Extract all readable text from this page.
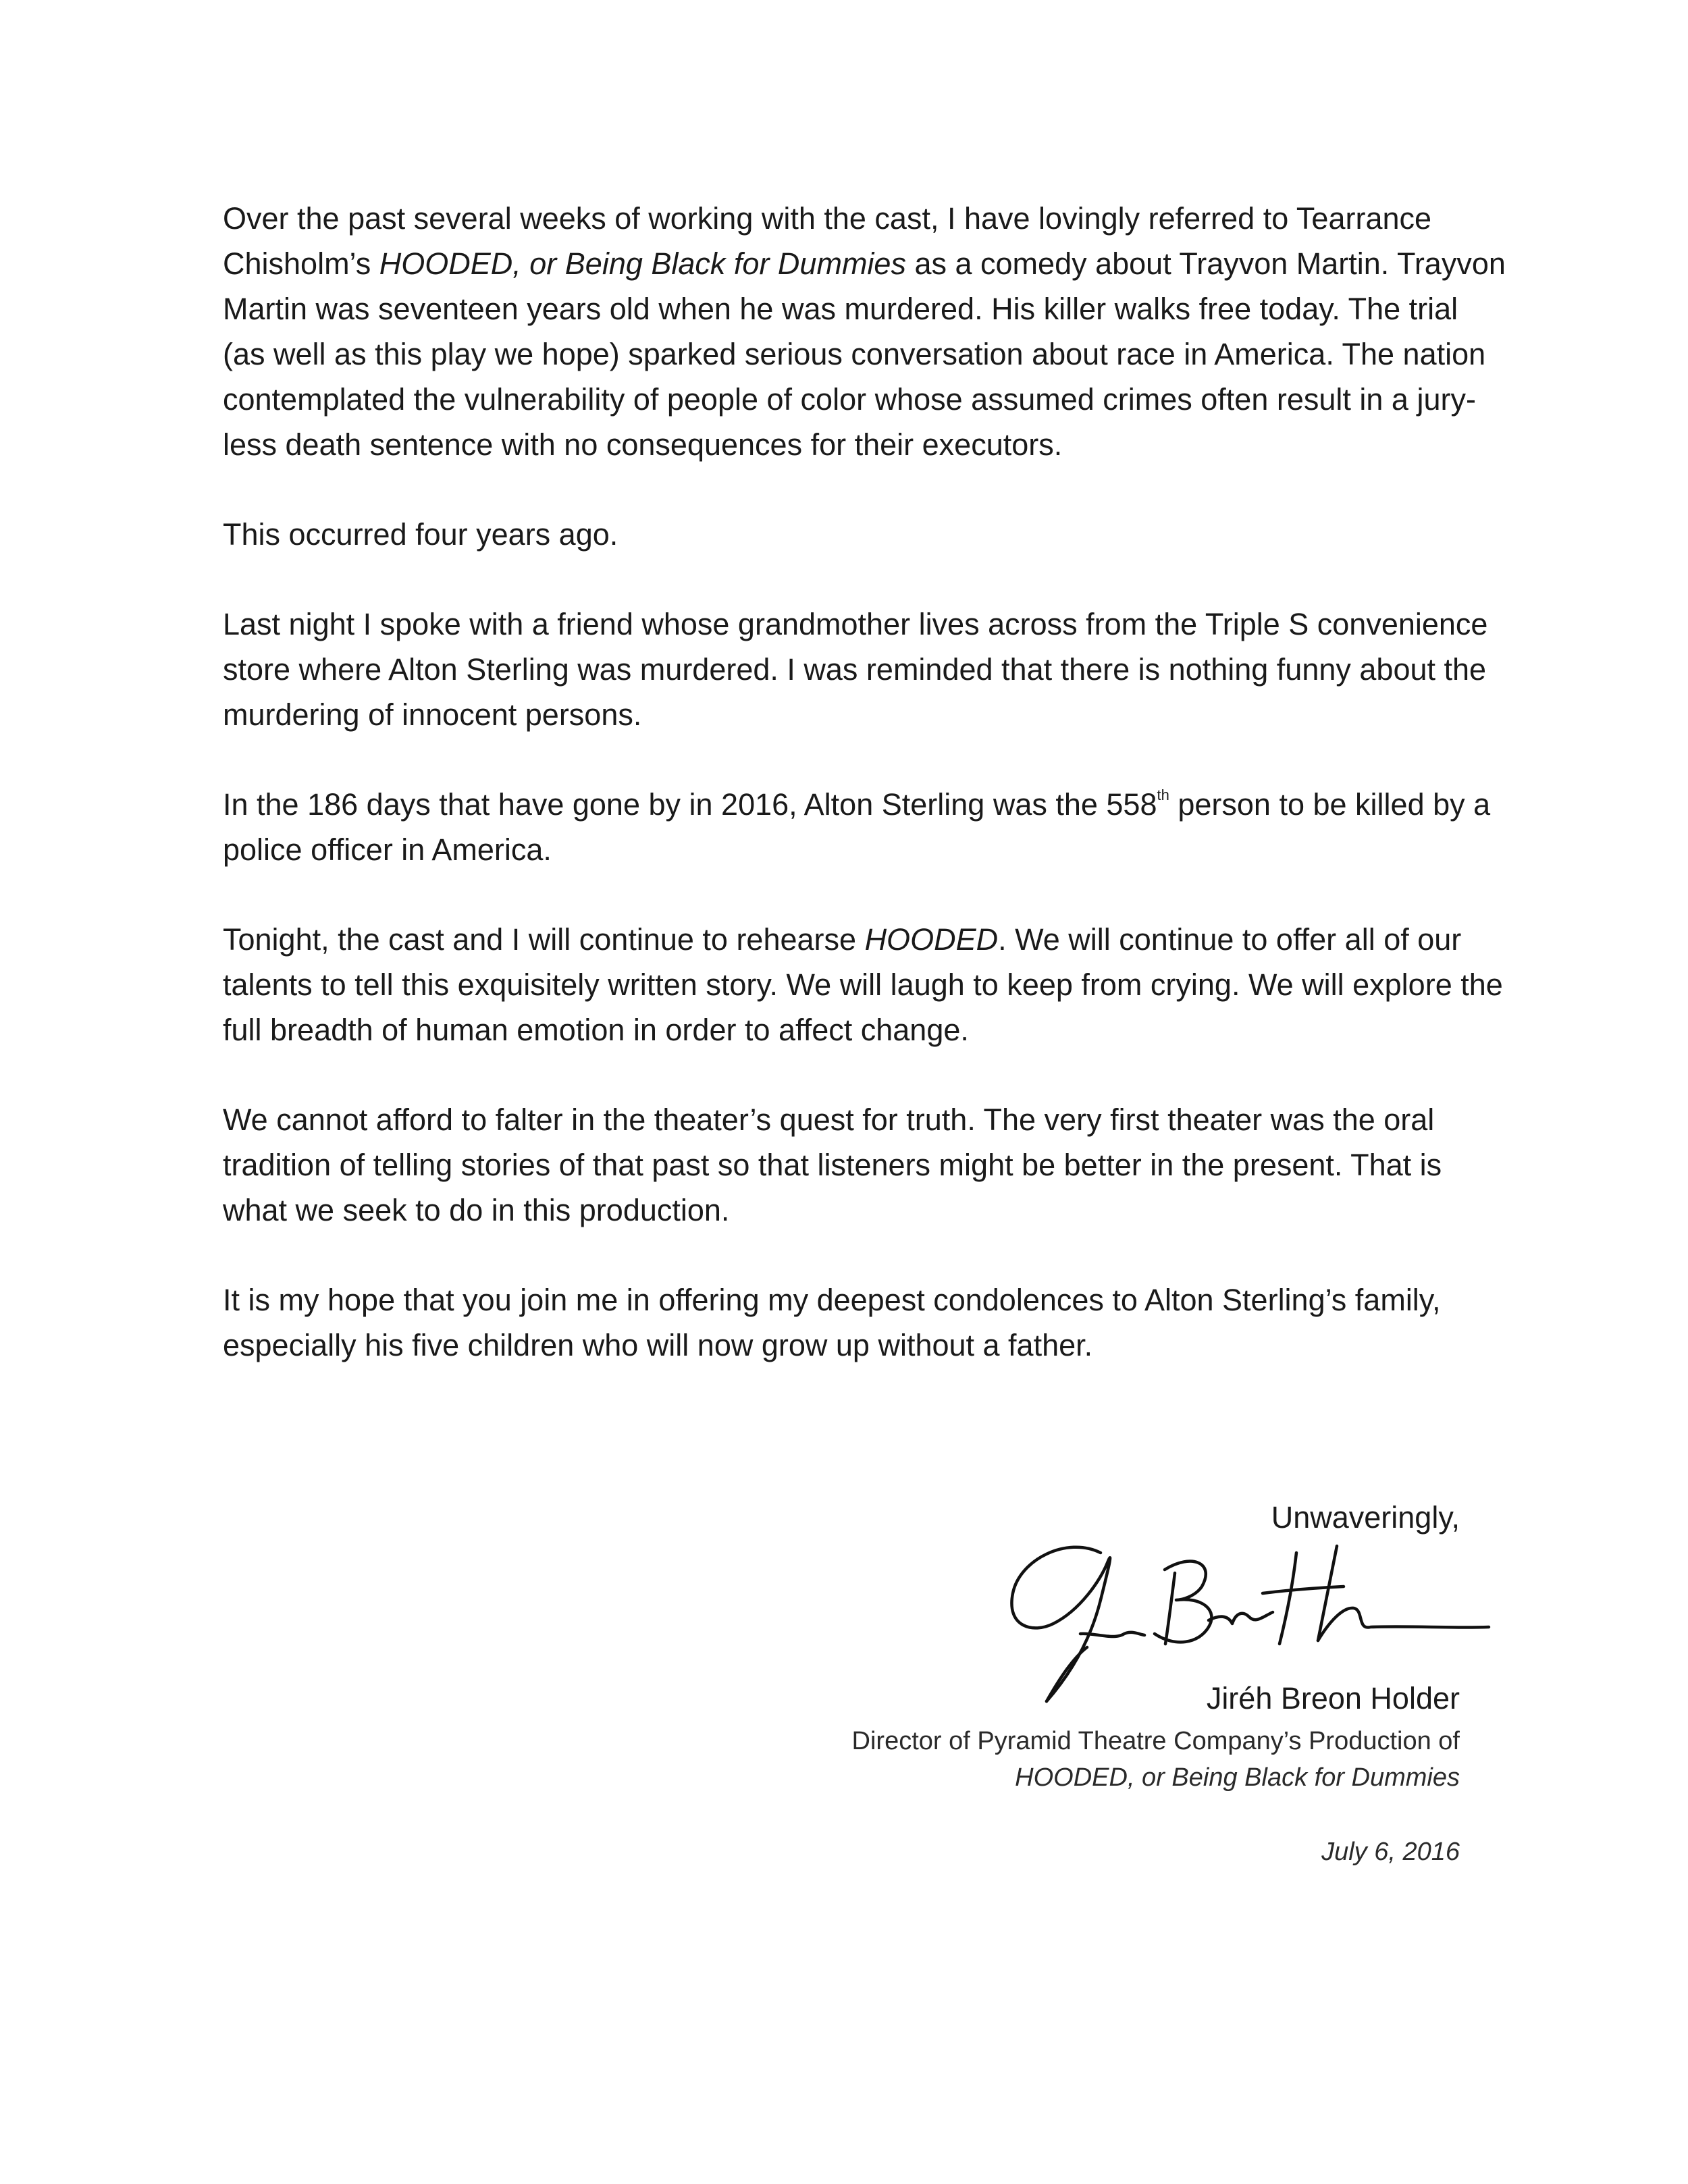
Over the past several weeks of working with the cast, I have lovingly referred to Tearrance Chisholm’s HOODED, or Being Black for Dummies as a comedy about Trayvon Martin. Trayvon Martin was seventeen years old when he was murdered. His killer walks free today. The trial (as well as this play we hope) sparked serious conversation about race in America. The nation contemplated the vulnerability of people of color whose assumed crimes often result in a jury-less death sentence with no consequences for their executors.

This occurred four years ago.

Last night I spoke with a friend whose grandmother lives across from the Triple S convenience store where Alton Sterling was murdered. I was reminded that there is nothing funny about the murdering of innocent persons.

In the 186 days that have gone by in 2016, Alton Sterling was the 558th person to be killed by a police officer in America.

Tonight, the cast and I will continue to rehearse HOODED. We will continue to offer all of our talents to tell this exquisitely written story. We will laugh to keep from crying. We will explore the full breadth of human emotion in order to affect change.

We cannot afford to falter in the theater’s quest for truth. The very first theater was the oral tradition of telling stories of that past so that listeners might be better in the present. That is what we seek to do in this production.

It is my hope that you join me in offering my deepest condolences to Alton Sterling’s family, especially his five children who will now grow up without a father.

Unwaveringly,
Jiréh Breon Holder
Director of Pyramid Theatre Company’s Production of
HOODED, or Being Black for Dummies
July 6, 2016
